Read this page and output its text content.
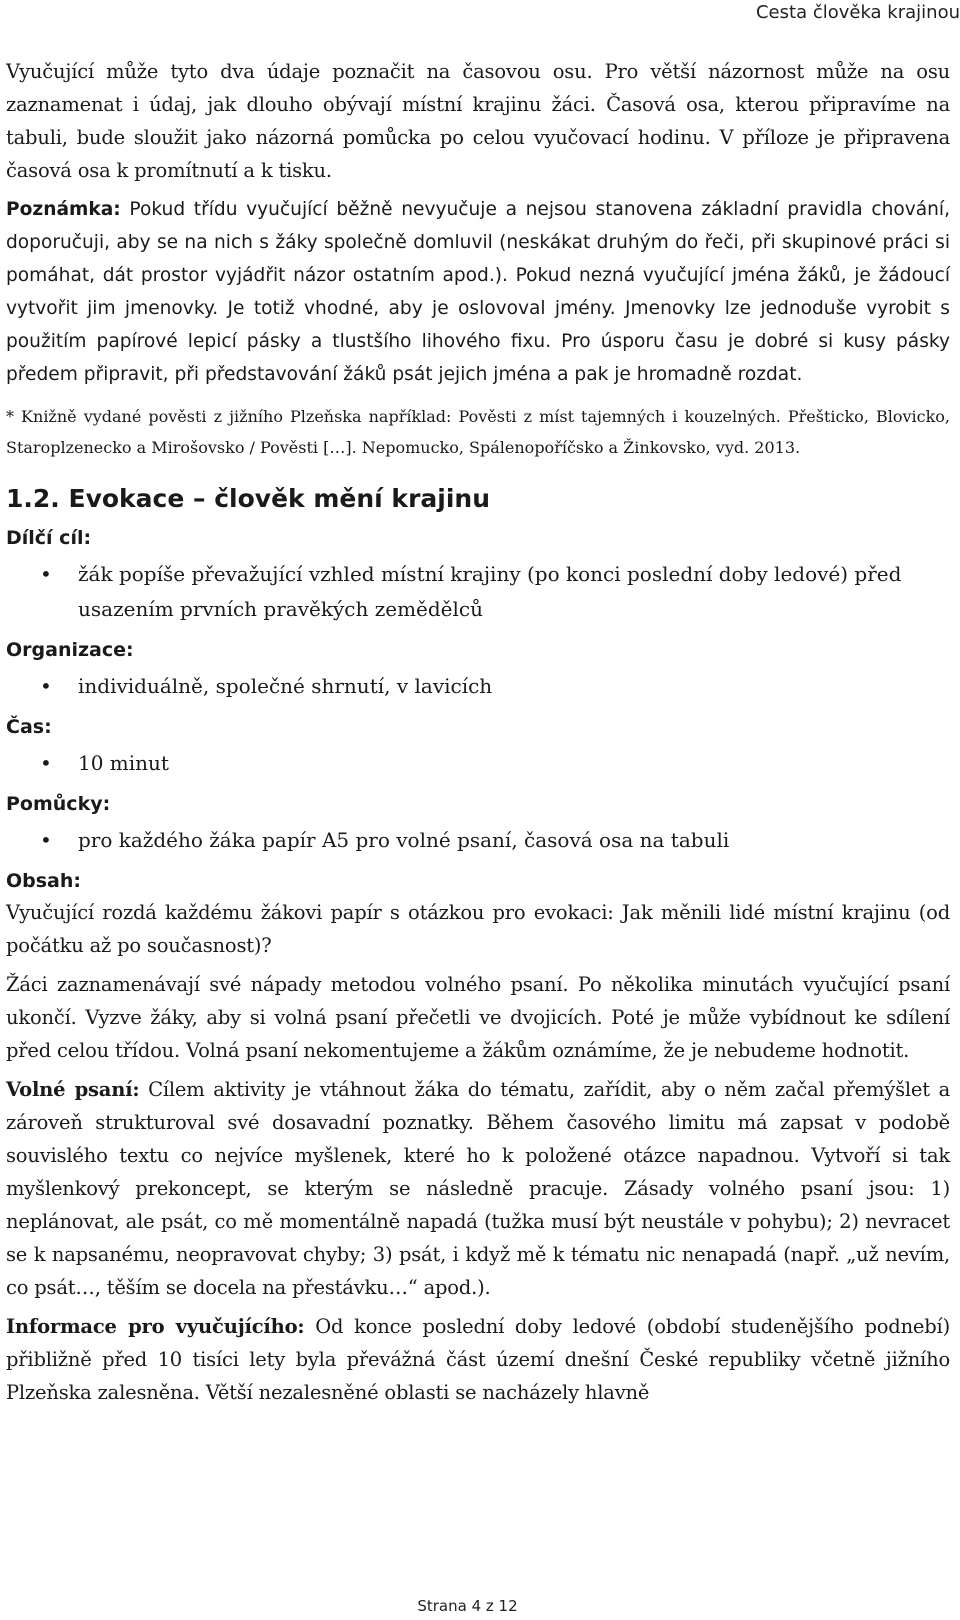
Cesta člověka krajinou

Vyučující může tyto dva údaje poznačit na časovou osu. Pro větší názornost může na osu zaznamenat i údaj, jak dlouho obývají místní krajinu žáci. Časová osa, kterou připravíme na tabuli, bude sloužit jako názorná pomůcka po celou vyučovací hodinu. V příloze je připravena časová osa k promítnutí a k tisku.

Poznámka: Pokud třídu vyučující běžně nevyučuje a nejsou stanovena základní pravidla chování, doporučuji, aby se na nich s žáky společně domluvil (neskákat druhým do řeči, při skupinové práci si pomáhat, dát prostor vyjádřit názor ostatním apod.). Pokud nezná vyučující jména žáků, je žádoucí vytvořit jim jmenovky. Je totiž vhodné, aby je oslovoval jmény. Jmenovky lze jednoduše vyrobit s použitím papírové lepicí pásky a tlustšího lihového fixu. Pro úsporu času je dobré si kusy pásky předem připravit, při představování žáků psát jejich jména a pak je hromadně rozdat.

* Knižně vydané pověsti z jižního Plzeňska například: Pověsti z míst tajemných i kouzelných. Přešticko, Blovicko, Staroplzenecko a Mirošovsko / Pověsti […]. Nepomucko, Spálenopoříčsko a Žinkovsko, vyd. 2013.

1.2. Evokace – člověk mění krajinu
Dílčí cíl:
• žák popíše převažující vzhled místní krajiny (po konci poslední doby ledové) před usazením prvních pravěkých zemědělců
Organizace:
• individuálně, společné shrnutí, v lavicích
Čas:
• 10 minut
Pomůcky:
• pro každého žáka papír A5 pro volné psaní, časová osa na tabuli
Obsah:

Vyučující rozdá každému žákovi papír s otázkou pro evokaci: Jak měnili lidé místní krajinu (od počátku až po současnost)?

Žáci zaznamenávají své nápady metodou volného psaní. Po několika minutách vyučující psaní ukončí. Vyzve žáky, aby si volná psaní přečetli ve dvojicích. Poté je může vybídnout ke sdílení před celou třídou. Volná psaní nekomentujeme a žákům oznámíme, že je nebudeme hodnotit.

Volné psaní: Cílem aktivity je vtáhnout žáka do tématu, zařídit, aby o něm začal přemýšlet a zároveň strukturoval své dosavadní poznatky. Během časového limitu má zapsat v podobě souvislého textu co nejvíce myšlenek, které ho k položené otázce napadnou. Vytvoří si tak myšlenkový prekoncept, se kterým se následně pracuje. Zásady volného psaní jsou: 1) neplánovat, ale psát, co mě momentálně napadá (tužka musí být neustále v pohybu); 2) nevracet se k napsanému, neopravovat chyby; 3) psát, i když mě k tématu nic nenapadá (např. „už nevím, co psát…, těším se docela na přestávku…“ apod.).

Informace pro vyučujícího: Od konce poslední doby ledové (období studenějšího podnebí) přibližně před 10 tisíci lety byla převážná část území dnešní České republiky včetně jižního Plzeňska zalesněna. Větší nezalesněné oblasti se nacházely hlavně

Strana 4 z 12
